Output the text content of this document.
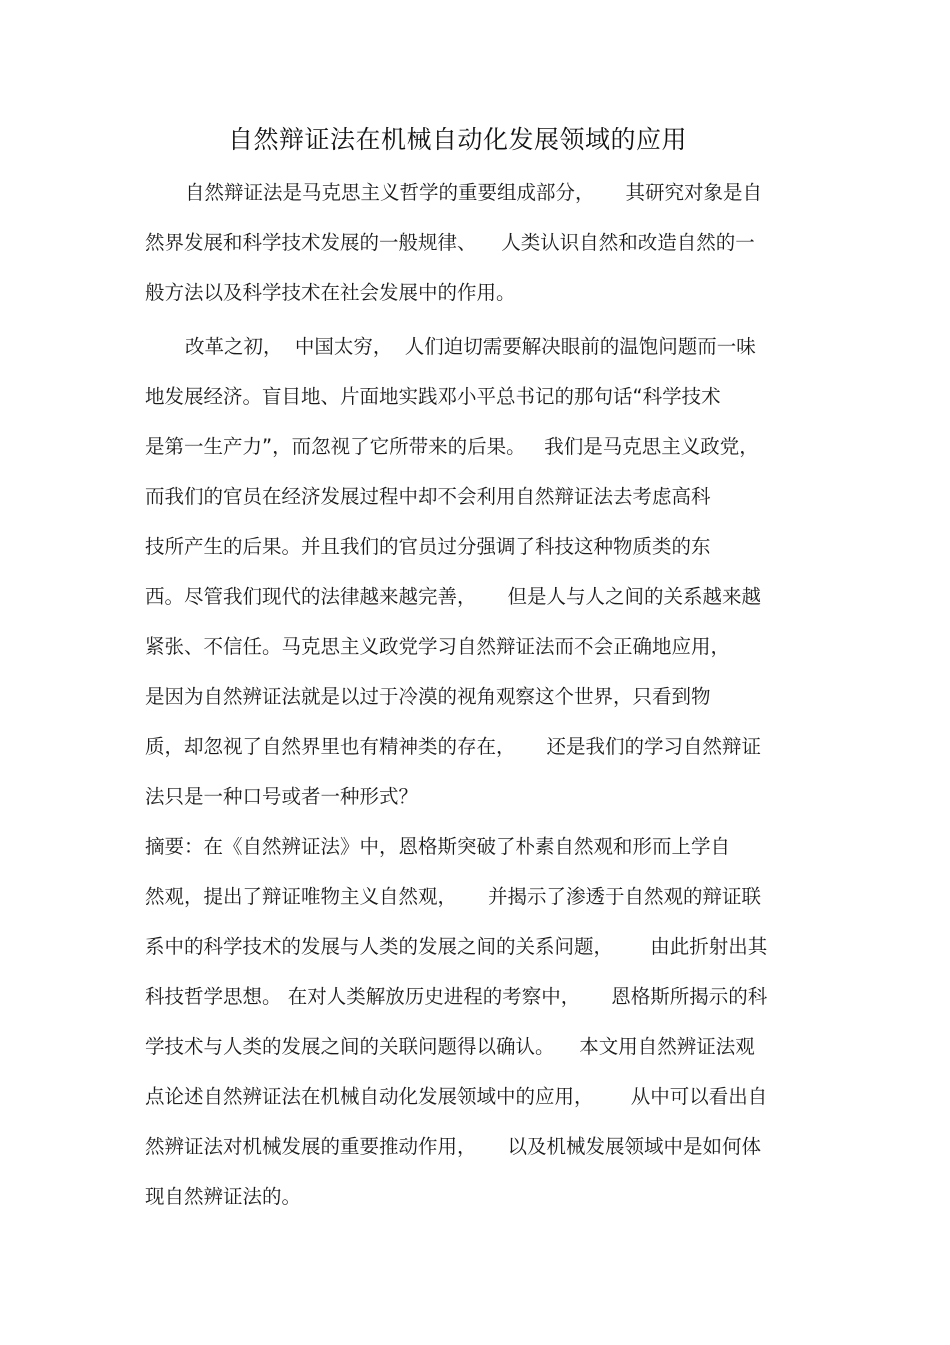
自然辩证法在机械自动化发展领域的应用
自然辩证法是马克思主义哲学的重要组成部分，     其研究对象是自
然界发展和科学技术发展的一般规律、    人类认识自然和改造自然的一
般方法以及科学技术在社会发展中的作用。
改革之初，  中国太穷，  人们迫切需要解决眼前的温饱问题而一味
地发展经济。盲目地、片面地实践邓小平总书记的那句话“科学技术
是第一生产力”，而忽视了它所带来的后果。   我们是马克思主义政党，
而我们的官员在经济发展过程中却不会利用自然辩证法去考虑高科
技所产生的后果。并且我们的官员过分强调了科技这种物质类的东
西。尽管我们现代的法律越来越完善，     但是人与人之间的关系越来越
紧张、不信任。马克思主义政党学习自然辩证法而不会正确地应用，
是因为自然辨证法就是以过于冷漠的视角观察这个世界，只看到物
质，却忽视了自然界里也有精神类的存在，     还是我们的学习自然辩证
法只是一种口号或者一种形式？
摘要：在《自然辨证法》中，恩格斯突破了朴素自然观和形而上学自
然观，提出了辩证唯物主义自然观，     并揭示了渗透于自然观的辩证联
系中的科学技术的发展与人类的发展之间的关系问题，      由此折射出其
科技哲学思想。 在对人类解放历史进程的考察中，     恩格斯所揭示的科
学技术与人类的发展之间的关联问题得以确认。    本文用自然辨证法观
点论述自然辨证法在机械自动化发展领域中的应用，      从中可以看出自
然辨证法对机械发展的重要推动作用，     以及机械发展领域中是如何体
现自然辨证法的。
